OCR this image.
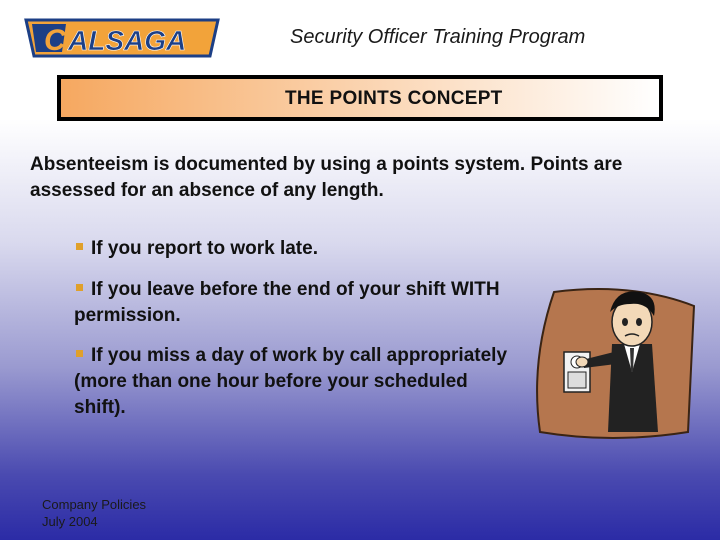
C ALSAGA	Security Officer Training Program
THE POINTS CONCEPT
Absenteeism is documented by using a points system. Points are assessed for an absence of any length.
If you report to work late.
If you leave before the end of your shift WITH permission.
If you miss a day of work by call appropriately (more than one hour before your scheduled shift).
Company Policies
July 2004
